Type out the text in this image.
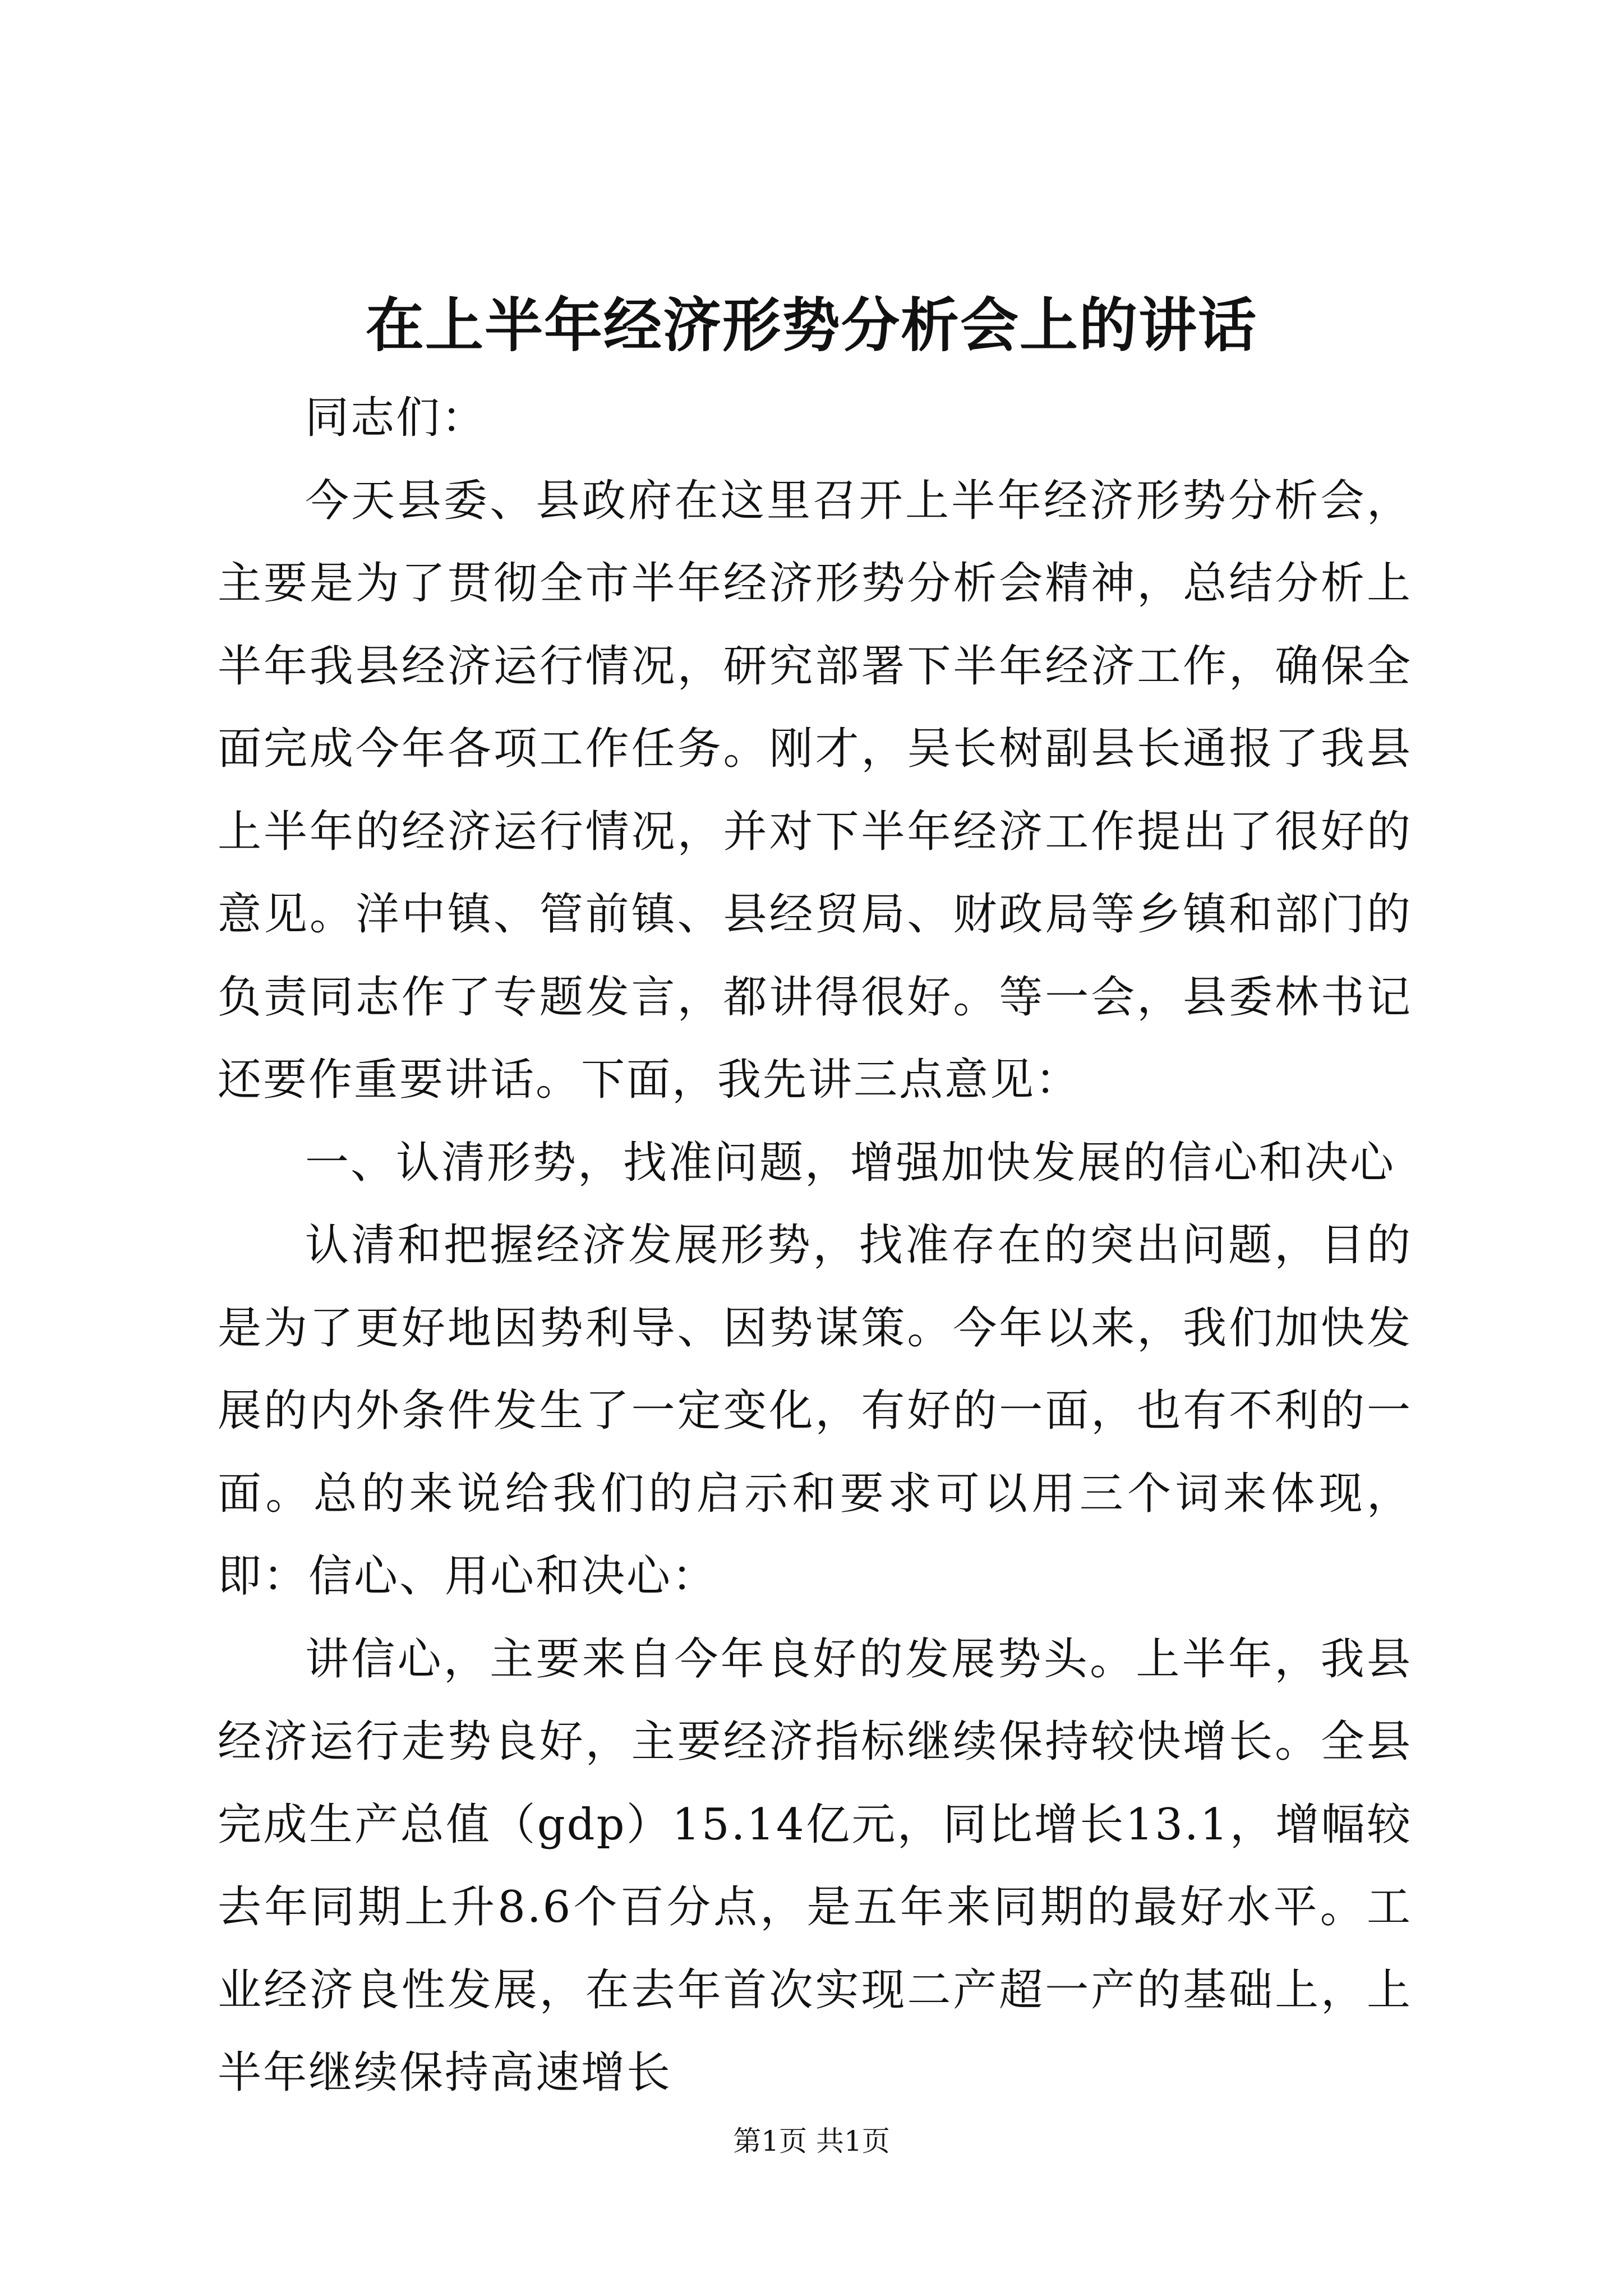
在上半年经济形势分析会上的讲话

同志们：

今天县委、县政府在这里召开上半年经济形势分析会，主要是为了贯彻全市半年经济形势分析会精神，总结分析上半年我县经济运行情况，研究部署下半年经济工作，确保全面完成今年各项工作任务。刚才，吴长树副县长通报了我县上半年的经济运行情况，并对下半年经济工作提出了很好的意见。洋中镇、管前镇、县经贸局、财政局等乡镇和部门的负责同志作了专题发言，都讲得很好。等一会，县委林书记还要作重要讲话。下面，我先讲三点意见：

一、认清形势，找准问题，增强加快发展的信心和决心

认清和把握经济发展形势，找准存在的突出问题，目的是为了更好地因势利导、因势谋策。今年以来，我们加快发展的内外条件发生了一定变化，有好的一面，也有不利的一面。总的来说给我们的启示和要求可以用三个词来体现，即：信心、用心和决心：

讲信心，主要来自今年良好的发展势头。上半年，我县经济运行走势良好，主要经济指标继续保持较快增长。全县完成生产总值（gdp）15.14亿元，同比增长13.1，增幅较去年同期上升8.6个百分点，是五年来同期的最好水平。工业经济良性发展，在去年首次实现二产超一产的基础上，上半年继续保持高速增长

第1页 共1页
